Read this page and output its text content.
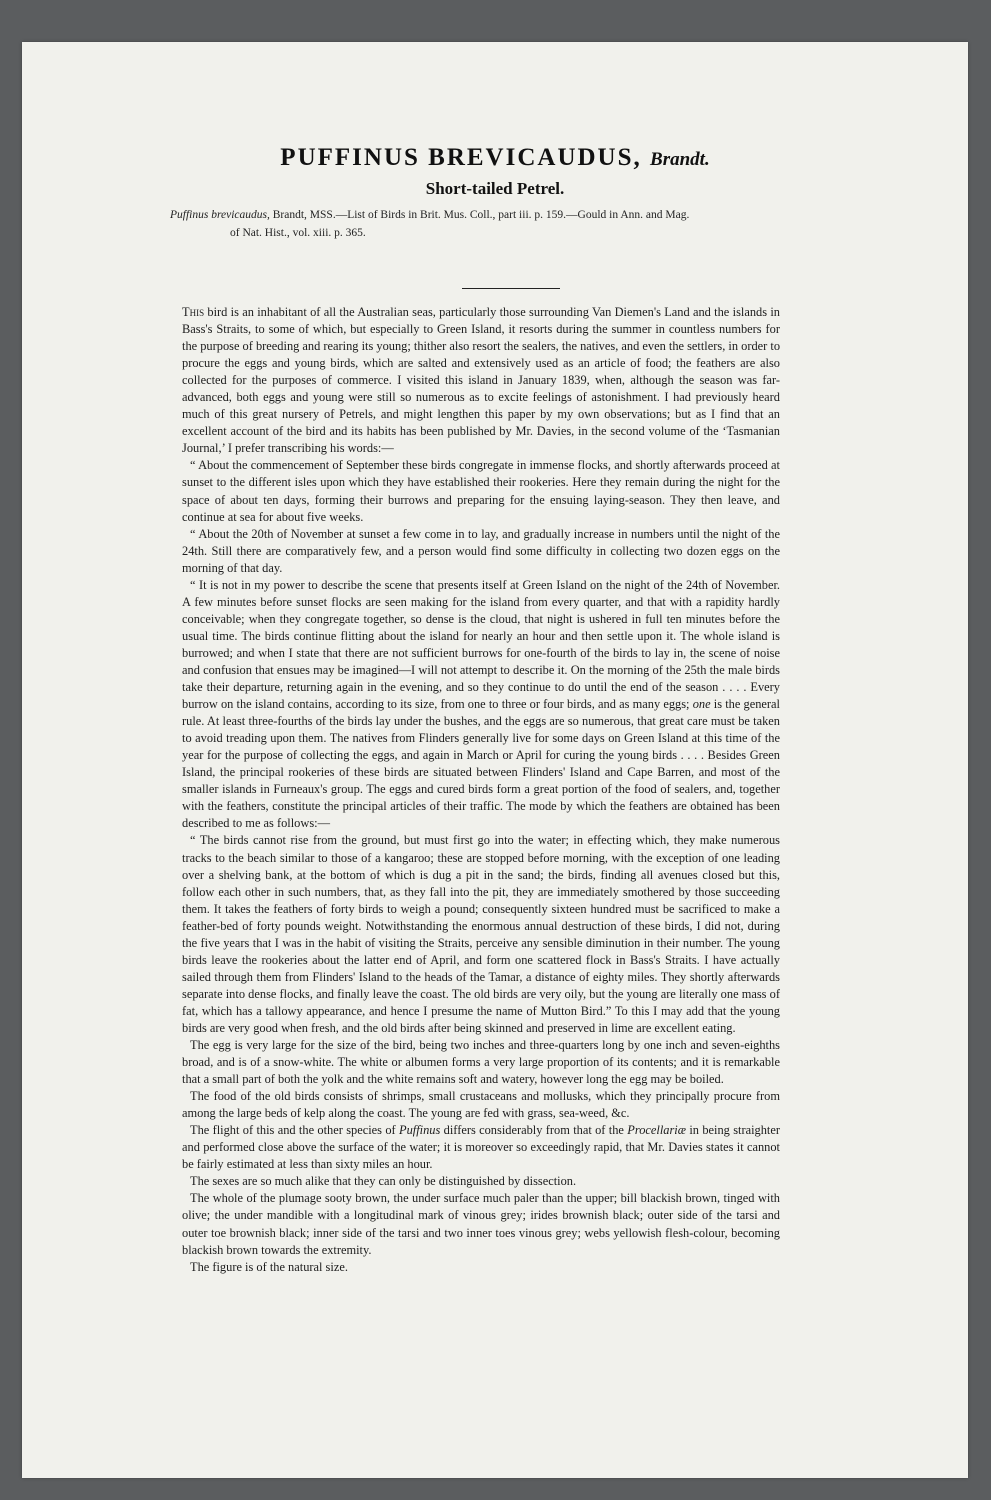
PUFFINUS BREVICAUDUS, Brandt.
Short-tailed Petrel.
Puffinus brevicaudus, Brandt, MSS.—List of Birds in Brit. Mus. Coll., part iii. p. 159.—Gould in Ann. and Mag.
of Nat. Hist., vol. xiii. p. 365.

This bird is an inhabitant of all the Australian seas, particularly those surrounding Van Diemen's Land and the islands in Bass's Straits, to some of which, but especially to Green Island, it resorts during the summer in countless numbers for the purpose of breeding and rearing its young; thither also resort the sealers, the natives, and even the settlers, in order to procure the eggs and young birds, which are salted and extensively used as an article of food; the feathers are also collected for the purposes of commerce. I visited this island in January 1839, when, although the season was far-advanced, both eggs and young were still so numerous as to excite feelings of astonishment. I had previously heard much of this great nursery of Petrels, and might lengthen this paper by my own observations; but as I find that an excellent account of the bird and its habits has been published by Mr. Davies, in the second volume of the ‘Tasmanian Journal,’ I prefer transcribing his words:—

“ About the commencement of September these birds congregate in immense flocks, and shortly afterwards proceed at sunset to the different isles upon which they have established their rookeries. Here they remain during the night for the space of about ten days, forming their burrows and preparing for the ensuing laying-season. They then leave, and continue at sea for about five weeks.

“ About the 20th of November at sunset a few come in to lay, and gradually increase in numbers until the night of the 24th. Still there are comparatively few, and a person would find some difficulty in collecting two dozen eggs on the morning of that day.

“ It is not in my power to describe the scene that presents itself at Green Island on the night of the 24th of November. A few minutes before sunset flocks are seen making for the island from every quarter, and that with a rapidity hardly conceivable; when they congregate together, so dense is the cloud, that night is ushered in full ten minutes before the usual time. The birds continue flitting about the island for nearly an hour and then settle upon it. The whole island is burrowed; and when I state that there are not sufficient burrows for one-fourth of the birds to lay in, the scene of noise and confusion that ensues may be imagined—I will not attempt to describe it. On the morning of the 25th the male birds take their departure, returning again in the evening, and so they continue to do until the end of the season . . . . Every burrow on the island contains, according to its size, from one to three or four birds, and as many eggs; one is the general rule. At least three-fourths of the birds lay under the bushes, and the eggs are so numerous, that great care must be taken to avoid treading upon them. The natives from Flinders generally live for some days on Green Island at this time of the year for the purpose of collecting the eggs, and again in March or April for curing the young birds . . . . Besides Green Island, the principal rookeries of these birds are situated between Flinders' Island and Cape Barren, and most of the smaller islands in Furneaux's group. The eggs and cured birds form a great portion of the food of sealers, and, together with the feathers, constitute the principal articles of their traffic. The mode by which the feathers are obtained has been described to me as follows:—

“ The birds cannot rise from the ground, but must first go into the water; in effecting which, they make numerous tracks to the beach similar to those of a kangaroo; these are stopped before morning, with the exception of one leading over a shelving bank, at the bottom of which is dug a pit in the sand; the birds, finding all avenues closed but this, follow each other in such numbers, that, as they fall into the pit, they are immediately smothered by those succeeding them. It takes the feathers of forty birds to weigh a pound; consequently sixteen hundred must be sacrificed to make a feather-bed of forty pounds weight. Notwithstanding the enormous annual destruction of these birds, I did not, during the five years that I was in the habit of visiting the Straits, perceive any sensible diminution in their number. The young birds leave the rookeries about the latter end of April, and form one scattered flock in Bass's Straits. I have actually sailed through them from Flinders' Island to the heads of the Tamar, a distance of eighty miles. They shortly afterwards separate into dense flocks, and finally leave the coast. The old birds are very oily, but the young are literally one mass of fat, which has a tallowy appearance, and hence I presume the name of Mutton Bird.” To this I may add that the young birds are very good when fresh, and the old birds after being skinned and preserved in lime are excellent eating.

The egg is very large for the size of the bird, being two inches and three-quarters long by one inch and seven-eighths broad, and is of a snow-white. The white or albumen forms a very large proportion of its contents; and it is remarkable that a small part of both the yolk and the white remains soft and watery, however long the egg may be boiled.

The food of the old birds consists of shrimps, small crustaceans and mollusks, which they principally procure from among the large beds of kelp along the coast. The young are fed with grass, sea-weed, &c.

The flight of this and the other species of Puffinus differs considerably from that of the Procellariæ in being straighter and performed close above the surface of the water; it is moreover so exceedingly rapid, that Mr. Davies states it cannot be fairly estimated at less than sixty miles an hour.

The sexes are so much alike that they can only be distinguished by dissection.

The whole of the plumage sooty brown, the under surface much paler than the upper; bill blackish brown, tinged with olive; the under mandible with a longitudinal mark of vinous grey; irides brownish black; outer side of the tarsi and outer toe brownish black; inner side of the tarsi and two inner toes vinous grey; webs yellowish flesh-colour, becoming blackish brown towards the extremity.

The figure is of the natural size.
